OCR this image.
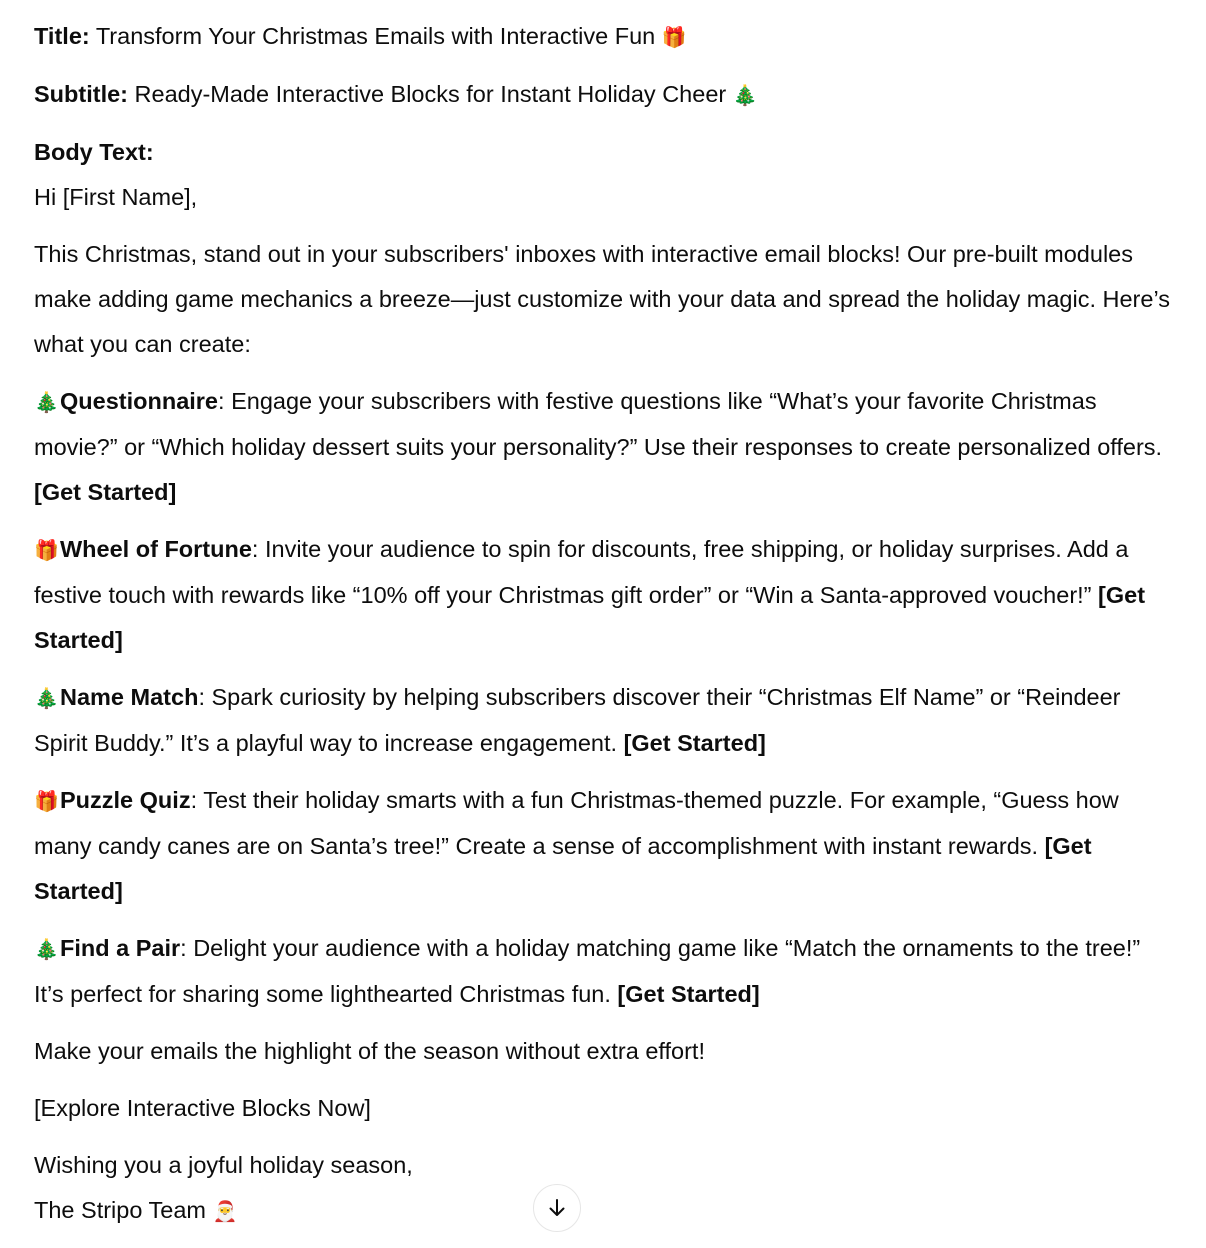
Title: Transform Your Christmas Emails with Interactive Fun 🎁

Subtitle: Ready-Made Interactive Blocks for Instant Holiday Cheer 🎄

Body Text:

Hi [First Name],

This Christmas, stand out in your subscribers' inboxes with interactive email blocks! Our pre-built modules make adding game mechanics a breeze—just customize with your data and spread the holiday magic. Here’s what you can create:

🎄Questionnaire: Engage your subscribers with festive questions like “What’s your favorite Christmas movie?” or “Which holiday dessert suits your personality?” Use their responses to create personalized offers. [Get Started]

🎁Wheel of Fortune: Invite your audience to spin for discounts, free shipping, or holiday surprises. Add a festive touch with rewards like “10% off your Christmas gift order” or “Win a Santa-approved voucher!” [Get Started]

🎄Name Match: Spark curiosity by helping subscribers discover their “Christmas Elf Name” or “Reindeer Spirit Buddy.” It’s a playful way to increase engagement. [Get Started]

🎁Puzzle Quiz: Test their holiday smarts with a fun Christmas-themed puzzle. For example, “Guess how many candy canes are on Santa’s tree!” Create a sense of accomplishment with instant rewards. [Get Started]

🎄Find a Pair: Delight your audience with a holiday matching game like “Match the ornaments to the tree!” It’s perfect for sharing some lighthearted Christmas fun. [Get Started]

Make your emails the highlight of the season without extra effort!

[Explore Interactive Blocks Now]

Wishing you a joyful holiday season,

The Stripo Team 🎅
